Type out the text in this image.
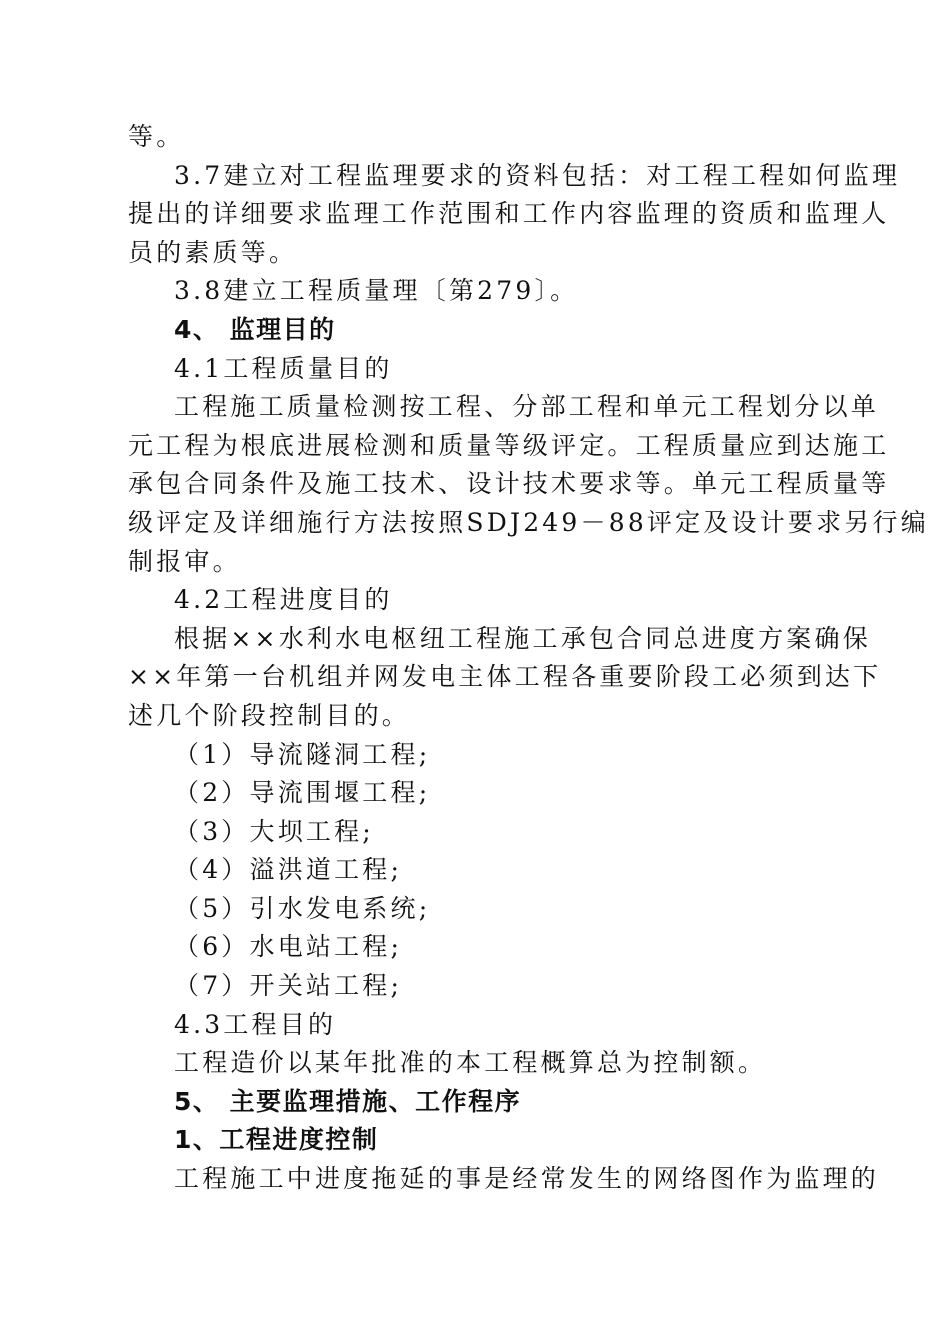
等。
3.7建立对工程监理要求的资料包括：对工程工程如何监理
提出的详细要求监理工作范围和工作内容监理的资质和监理人
员的素质等。
3.8建立工程质量理〔第279〕。
4、 监理目的
4.1工程质量目的
工程施工质量检测按工程、分部工程和单元工程划分以单
元工程为根底进展检测和质量等级评定。工程质量应到达施工
承包合同条件及施工技术、设计技术要求等。单元工程质量等
级评定及详细施行方法按照SDJ249－88评定及设计要求另行编
制报审。
4.2工程进度目的
根据××水利水电枢纽工程施工承包合同总进度方案确保
××年第一台机组并网发电主体工程各重要阶段工必须到达下
述几个阶段控制目的。
（1）导流隧洞工程;
（2）导流围堰工程;
（3）大坝工程;
（4）溢洪道工程;
（5）引水发电系统;
（6）水电站工程;
（7）开关站工程;
4.3工程目的
工程造价以某年批准的本工程概算总为控制额。
5、 主要监理措施、工作程序
1、工程进度控制
工程施工中进度拖延的事是经常发生的网络图作为监理的
